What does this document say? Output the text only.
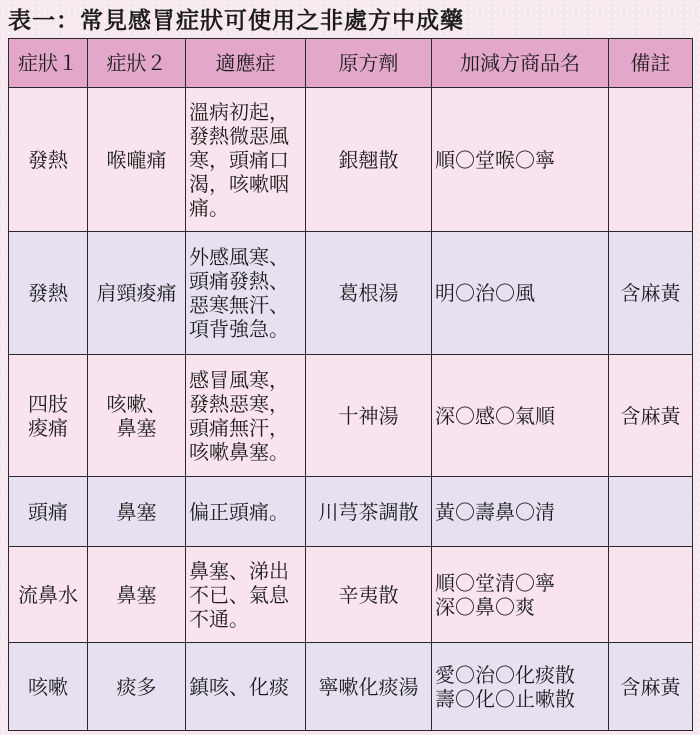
表一：常見感冒症狀可使用之非處方中成藥
症狀１	症狀２	適應症	原方劑	加減方商品名	備註

發熱	喉嚨痛	溫病初起，
發熱微惡風
寒，頭痛口
渴，咳嗽咽
痛。	銀翹散	順〇堂喉〇寧	

發熱	肩頸痠痛	外感風寒、
頭痛發熱、
惡寒無汗、
項背強急。	葛根湯	明〇治〇風	含麻黃

四肢
痠痛	咳嗽、
鼻塞	感冒風寒，
發熱惡寒，
頭痛無汗，
咳嗽鼻塞。	十神湯	深〇感〇氣順	含麻黃

頭痛	鼻塞	偏正頭痛。	川芎茶調散	黃〇壽鼻〇清	

流鼻水	鼻塞	鼻塞、涕出
不已、氣息
不通。	辛夷散	順〇堂清〇寧
深〇鼻〇爽	

咳嗽	痰多	鎮咳、化痰	寧嗽化痰湯	愛〇治〇化痰散
壽〇化〇止嗽散	含麻黃
